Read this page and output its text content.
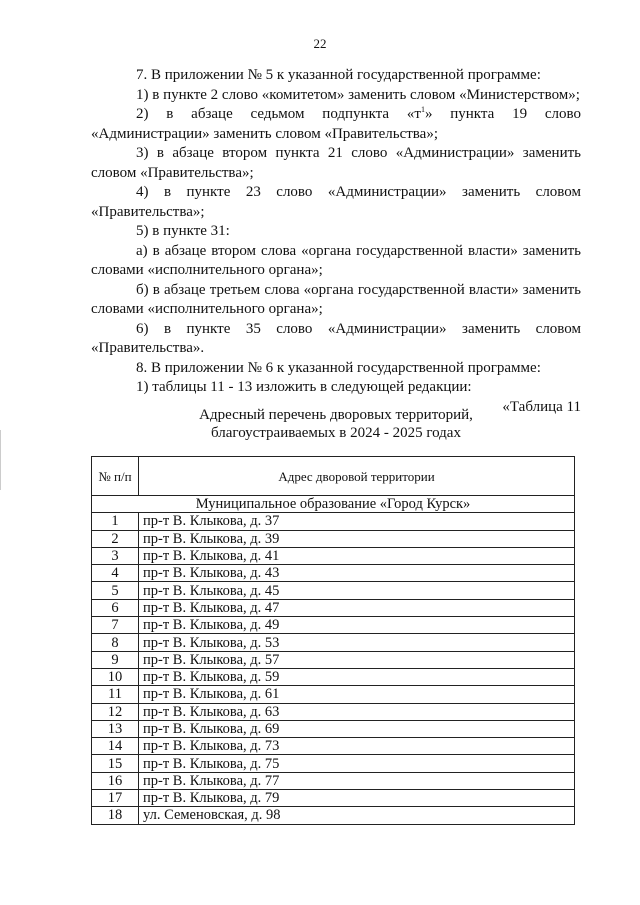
22

7. В приложении № 5 к указанной государственной программе:

1) в пункте 2 слово «комитетом» заменить словом «Министерством»;

2) в абзаце седьмом подпункта «$т^1$» пункта 19 слово «Администрации» заменить словом «Правительства»;

3) в абзаце втором пункта 21 слово «Администрации» заменить словом «Правительства»;

4) в пункте 23 слово «Администрации» заменить словом «Правительства»;

5) в пункте 31:

а) в абзаце втором слова «органа государственной власти» заменить словами «исполнительного органа»;

б) в абзаце третьем слова «органа государственной власти» заменить словами «исполнительного органа»;

6) в пункте 35 слово «Администрации» заменить словом «Правительства».

8. В приложении № 6 к указанной государственной программе:

1) таблицы 11 - 13 изложить в следующей редакции:

«Таблица 11

Адресный перечень дворовых территорий,
благоустраиваемых в 2024 - 2025 годах
№ п/п	Адрес дворовой территории
Муниципальное образование «Город Курск»	
1	пр-т В. Клыкова, д. 37
2	пр-т В. Клыкова, д. 39
3	пр-т В. Клыкова, д. 41
4	пр-т В. Клыкова, д. 43
5	пр-т В. Клыкова, д. 45
6	пр-т В. Клыкова, д. 47
7	пр-т В. Клыкова, д. 49
8	пр-т В. Клыкова, д. 53
9	пр-т В. Клыкова, д. 57
10	пр-т В. Клыкова, д. 59
11	пр-т В. Клыкова, д. 61
12	пр-т В. Клыкова, д. 63
13	пр-т В. Клыкова, д. 69
14	пр-т В. Клыкова, д. 73
15	пр-т В. Клыкова, д. 75
16	пр-т В. Клыкова, д. 77
17	пр-т В. Клыкова, д. 79
18	ул. Семеновская, д. 98
